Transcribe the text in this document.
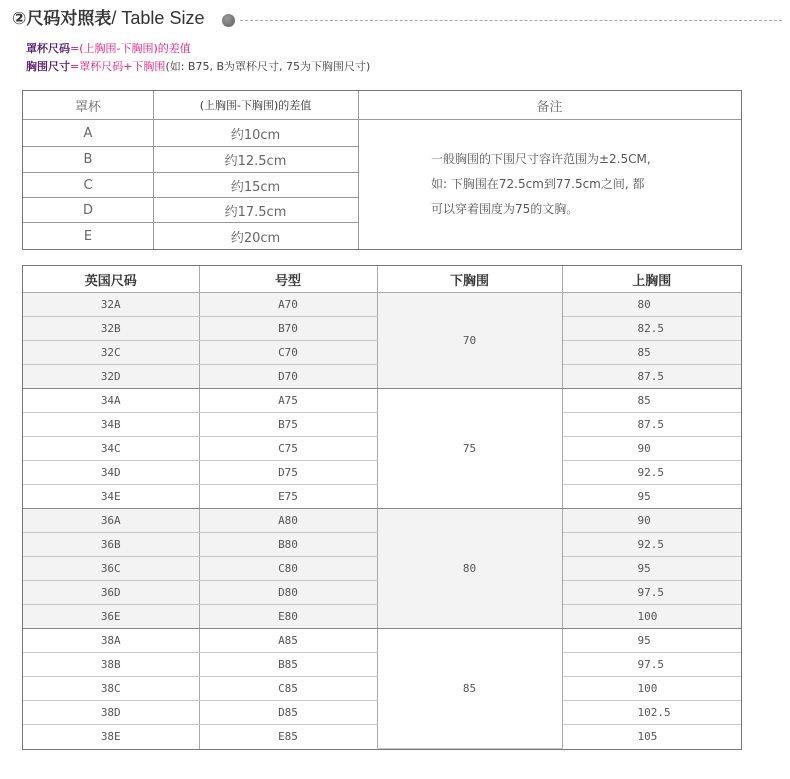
②尺码对照表/ Table Size
罩杯尺码=(上胸围-下胸围)的差值
胸围尺寸=罩杯尺码+下胸围(如: B75, B为罩杯尺寸, 75为下胸围尺寸)
罩杯	(上胸围-下胸围)的差值	备注
A	约10cm
B	约12.5cm
C	约15cm
D	约17.5cm
E	约20cm
一般胸围的下围尺寸容许范围为±2.5CM,
如: 下胸围在72.5cm到77.5cm之间, 都
可以穿着围度为75的文胸。
英国尺码	号型	下胸围	上胸围
32A	A70	70	80
32B	B70		82.5
32C	C70		85
32D	D70		87.5
34A	A75	75	85
34B	B75		87.5
34C	C75		90
34D	D75		92.5
34E	E75		95
36A	A80	80	90
36B	B80		92.5
36C	C80		95
36D	D80		97.5
36E	E80		100
38A	A85	85	95
38B	B85		97.5
38C	C85		100
38D	D85		102.5
38E	E85		105
